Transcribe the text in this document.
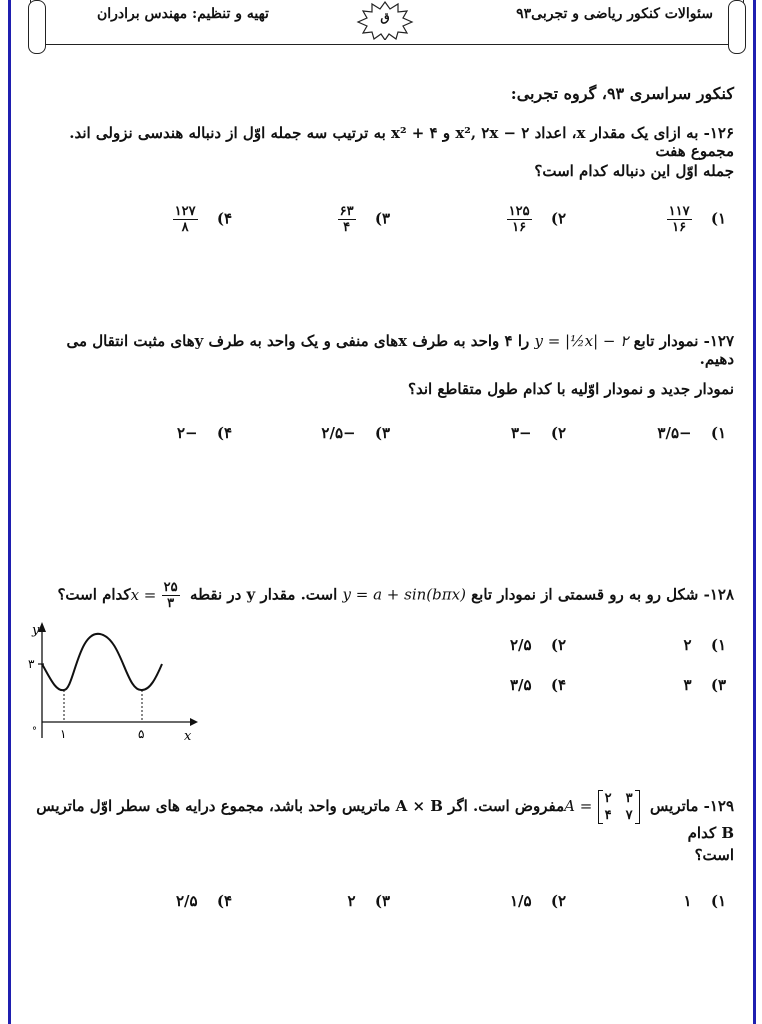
سئوالات کنکور ریاضی و تجربی۹۳
تهیه و تنظیم: مهندس برادران	ق
کنکور سراسری ۹۳، گروه تجربی:
۱۲۶- به ازای یک مقدار x، اعداد ۲ − x², ۲x و ۴ + x² به ترتیب سه جمله اوّل از دنباله هندسی نزولی اند. مجموع هفت
جمله اوّل این دنباله کدام است؟
۱)
$\frac{۱۱۷}{۱۶}$
۲)
$\frac{۱۲۵}{۱۶}$
۳)
$\frac{۶۳}{۴}$
۴)
$\frac{۱۲۷}{۸}$
۱۲۷- نمودار تابع y = |½x| − ۲ را ۴ واحد به طرف xهای منفی و یک واحد به طرف yهای مثبت انتقال می دهیم.
نمودار جدید و نمودار اوّلیه با کدام طول متقاطع اند؟
۱) −۳/۵
۲) −۳
۳) −۲/۵
۴) −۲
۱۲۸- شکل رو به رو قسمتی از نمودار تابع y = a + sin(bπx) است. مقدار y در نقطه $x = \frac{۲۵}{۳}$
کدام است؟
۱) ۲
۲) ۲/۵
۳) ۳
۴) ۳/۵
y
x
۳
۱	۵
°
۱۲۹- ماتریس A = ۲ ۳
۴ ۷
مفروض است. اگر A × B ماتریس واحد باشد، مجموع درایه های سطر اوّل ماتریس B کدام
است؟
۱) ۱
۲) ۱/۵
۳) ۲
۴) ۲/۵
